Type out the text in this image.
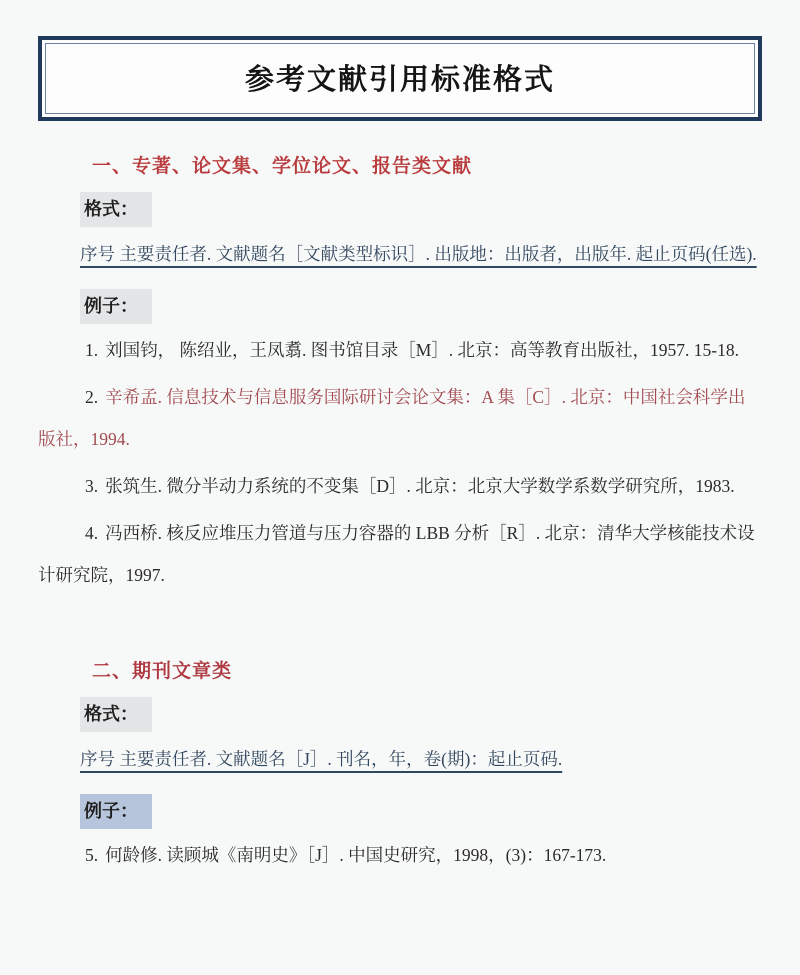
参考文献引用标准格式
一、专著、论文集、学位论文、报告类文献

格式：

序号 主要责任者. 文献题名［文献类型标识］. 出版地：出版者，出版年. 起止页码(任选).

例子：

1. 刘国钧， 陈绍业，王凤翥. 图书馆目录［M］. 北京：高等教育出版社，1957. 15-18.

2. 辛希孟. 信息技术与信息服务国际研讨会论文集：A 集［C］. 北京：中国社会科学出版社，1994.

3. 张筑生. 微分半动力系统的不变集［D］. 北京：北京大学数学系数学研究所，1983.

4. 冯西桥. 核反应堆压力管道与压力容器的 LBB 分析［R］. 北京：清华大学核能技术设计研究院，1997.

二、期刊文章类

格式：

序号 主要责任者. 文献题名［J］. 刊名，年，卷(期)：起止页码.

例子：

5. 何龄修. 读顾城《南明史》［J］. 中国史研究，1998，(3)：167-173.
